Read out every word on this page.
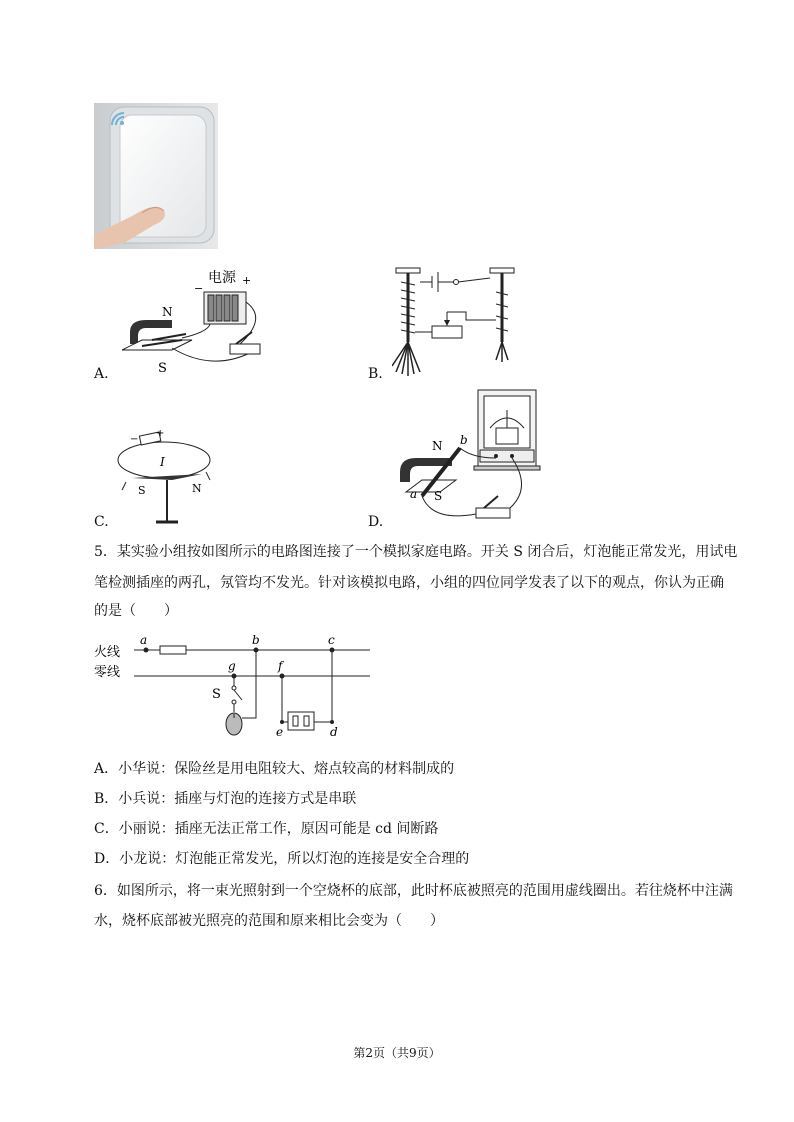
电源 +
−
N
S
A.	B.
+
−
I
S	N
C.
N
S
a
b
D.
5．某实验小组按如图所示的电路图连接了一个模拟家庭电路。开关 S 闭合后，灯泡能正常发光，用试电
笔检测插座的两孔，氖管均不发光。针对该模拟电路，小组的四位同学发表了以下的观点，你认为正确
的是（　　）
火线
零线
a	b	c
g	f
e	d
S
A．小华说：保险丝是用电阻较大、熔点较高的材料制成的
B．小兵说：插座与灯泡的连接方式是串联
C．小丽说：插座无法正常工作，原因可能是 cd 间断路
D．小龙说：灯泡能正常发光，所以灯泡的连接是安全合理的
6．如图所示，将一束光照射到一个空烧杯的底部，此时杯底被照亮的范围用虚线圈出。若往烧杯中注满
水，烧杯底部被光照亮的范围和原来相比会变为（　　）
第2页（共9页）
